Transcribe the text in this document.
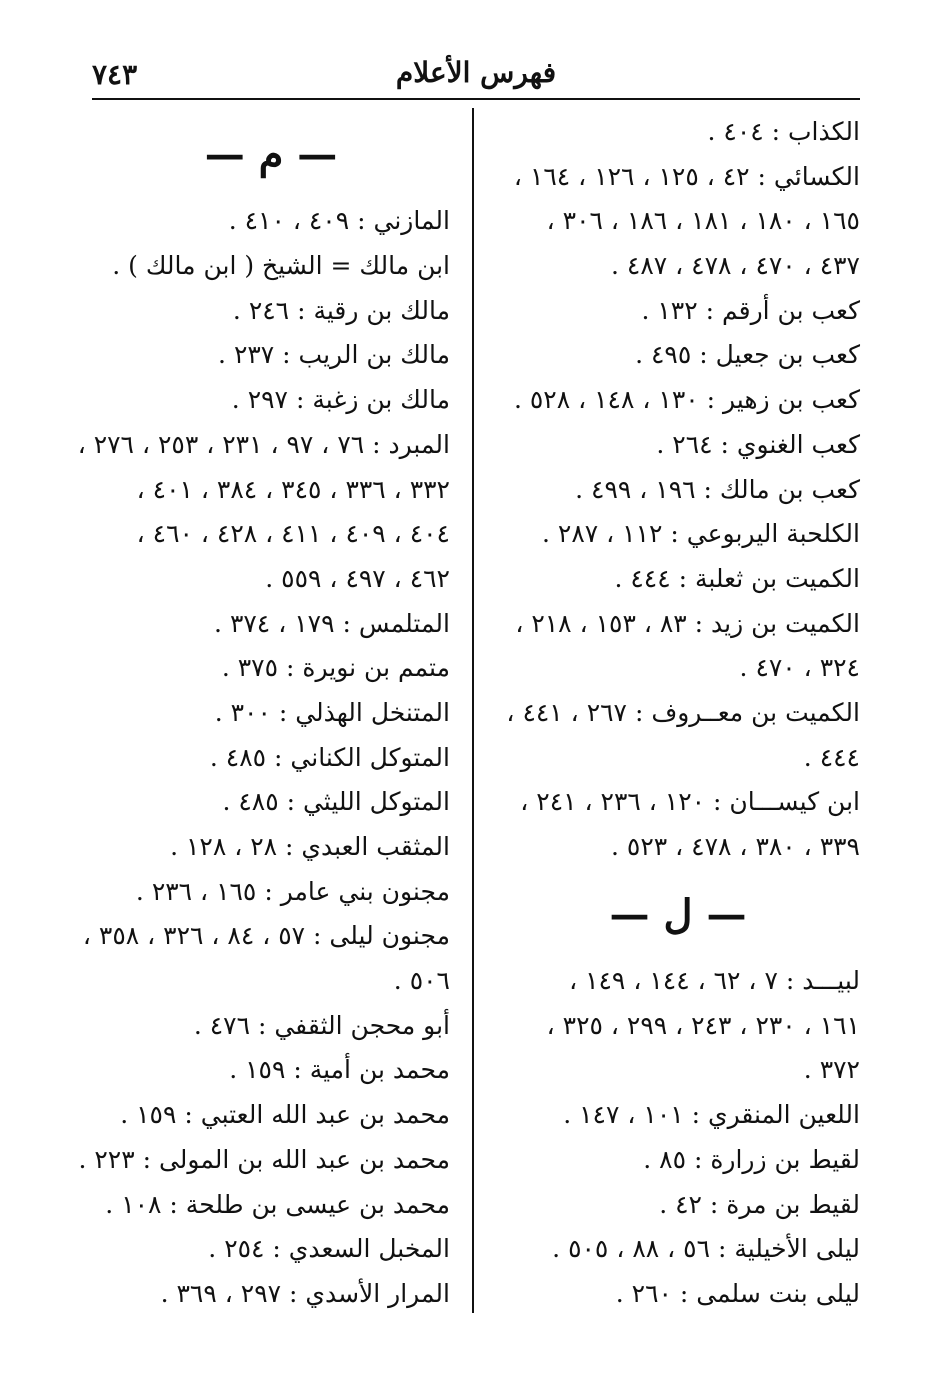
٧٤٣	فهرس الأعلام
الكذاب : ٤٠٤ .
الكسائي : ٤٢ ، ١٢٥ ، ١٢٦ ، ١٦٤ ،
١٦٥ ، ١٨٠ ، ١٨١ ، ١٨٦ ، ٣٠٦ ،
٤٣٧ ، ٤٧٠ ، ٤٧٨ ، ٤٨٧ .
كعب بن أرقم : ١٣٢ .
كعب بن جعيل : ٤٩٥ .
كعب بن زهير : ١٣٠ ، ١٤٨ ، ٥٢٨ .
كعب الغنوي : ٢٦٤ .
كعب بن مالك : ١٩٦ ، ٤٩٩ .
الكلحبة اليربوعي : ١١٢ ، ٢٨٧ .
الكميت بن ثعلبة : ٤٤٤ .
الكميت بن زيد : ٨٣ ، ١٥٣ ، ٢١٨ ،
٣٢٤ ، ٤٧٠ .
الكميت بن معــروف : ٢٦٧ ، ٤٤١ ،
٤٤٤ .
ابن كيســـان : ١٢٠ ، ٢٣٦ ، ٢٤١ ،
٣٣٩ ، ٣٨٠ ، ٤٧٨ ، ٥٢٣ .
— ل —
لبيـــد : ٧ ، ٦٢ ، ١٤٤ ، ١٤٩ ،
١٦١ ، ٢٣٠ ، ٢٤٣ ، ٢٩٩ ، ٣٢٥ ،
٣٧٢ .
اللعين المنقري : ١٠١ ، ١٤٧ .
لقيط بن زرارة : ٨٥ .
لقيط بن مرة : ٤٢ .
ليلى الأخيلية : ٥٦ ، ٨٨ ، ٥٠٥ .
ليلى بنت سلمى : ٢٦٠ .
— م —
المازني : ٤٠٩ ، ٤١٠ .
ابن مالك = الشيخ ( ابن مالك ) .
مالك بن رقية : ٢٤٦ .
مالك بن الريب : ٢٣٧ .
مالك بن زغبة : ٢٩٧ .
المبرد : ٧٦ ، ٩٧ ، ٢٣١ ، ٢٥٣ ، ٢٧٦ ،
٣٣٢ ، ٣٣٦ ، ٣٤٥ ، ٣٨٤ ، ٤٠١ ،
٤٠٤ ، ٤٠٩ ، ٤١١ ، ٤٢٨ ، ٤٦٠ ،
٤٦٢ ، ٤٩٧ ، ٥٥٩ .
المتلمس : ١٧٩ ، ٣٧٤ .
متمم بن نويرة : ٣٧٥ .
المتنخل الهذلي : ٣٠٠ .
المتوكل الكناني : ٤٨٥ .
المتوكل الليثي : ٤٨٥ .
المثقب العبدي : ٢٨ ، ١٢٨ .
مجنون بني عامر : ١٦٥ ، ٢٣٦ .
مجنون ليلى : ٥٧ ، ٨٤ ، ٣٢٦ ، ٣٥٨ ،
٥٠٦ .
أبو محجن الثقفي : ٤٧٦ .
محمد بن أمية : ١٥٩ .
محمد بن عبد الله العتبي : ١٥٩ .
محمد بن عبد الله بن المولى : ٢٢٣ .
محمد بن عيسى بن طلحة : ١٠٨ .
المخبل السعدي : ٢٥٤ .
المرار الأسدي : ٢٩٧ ، ٣٦٩ .
